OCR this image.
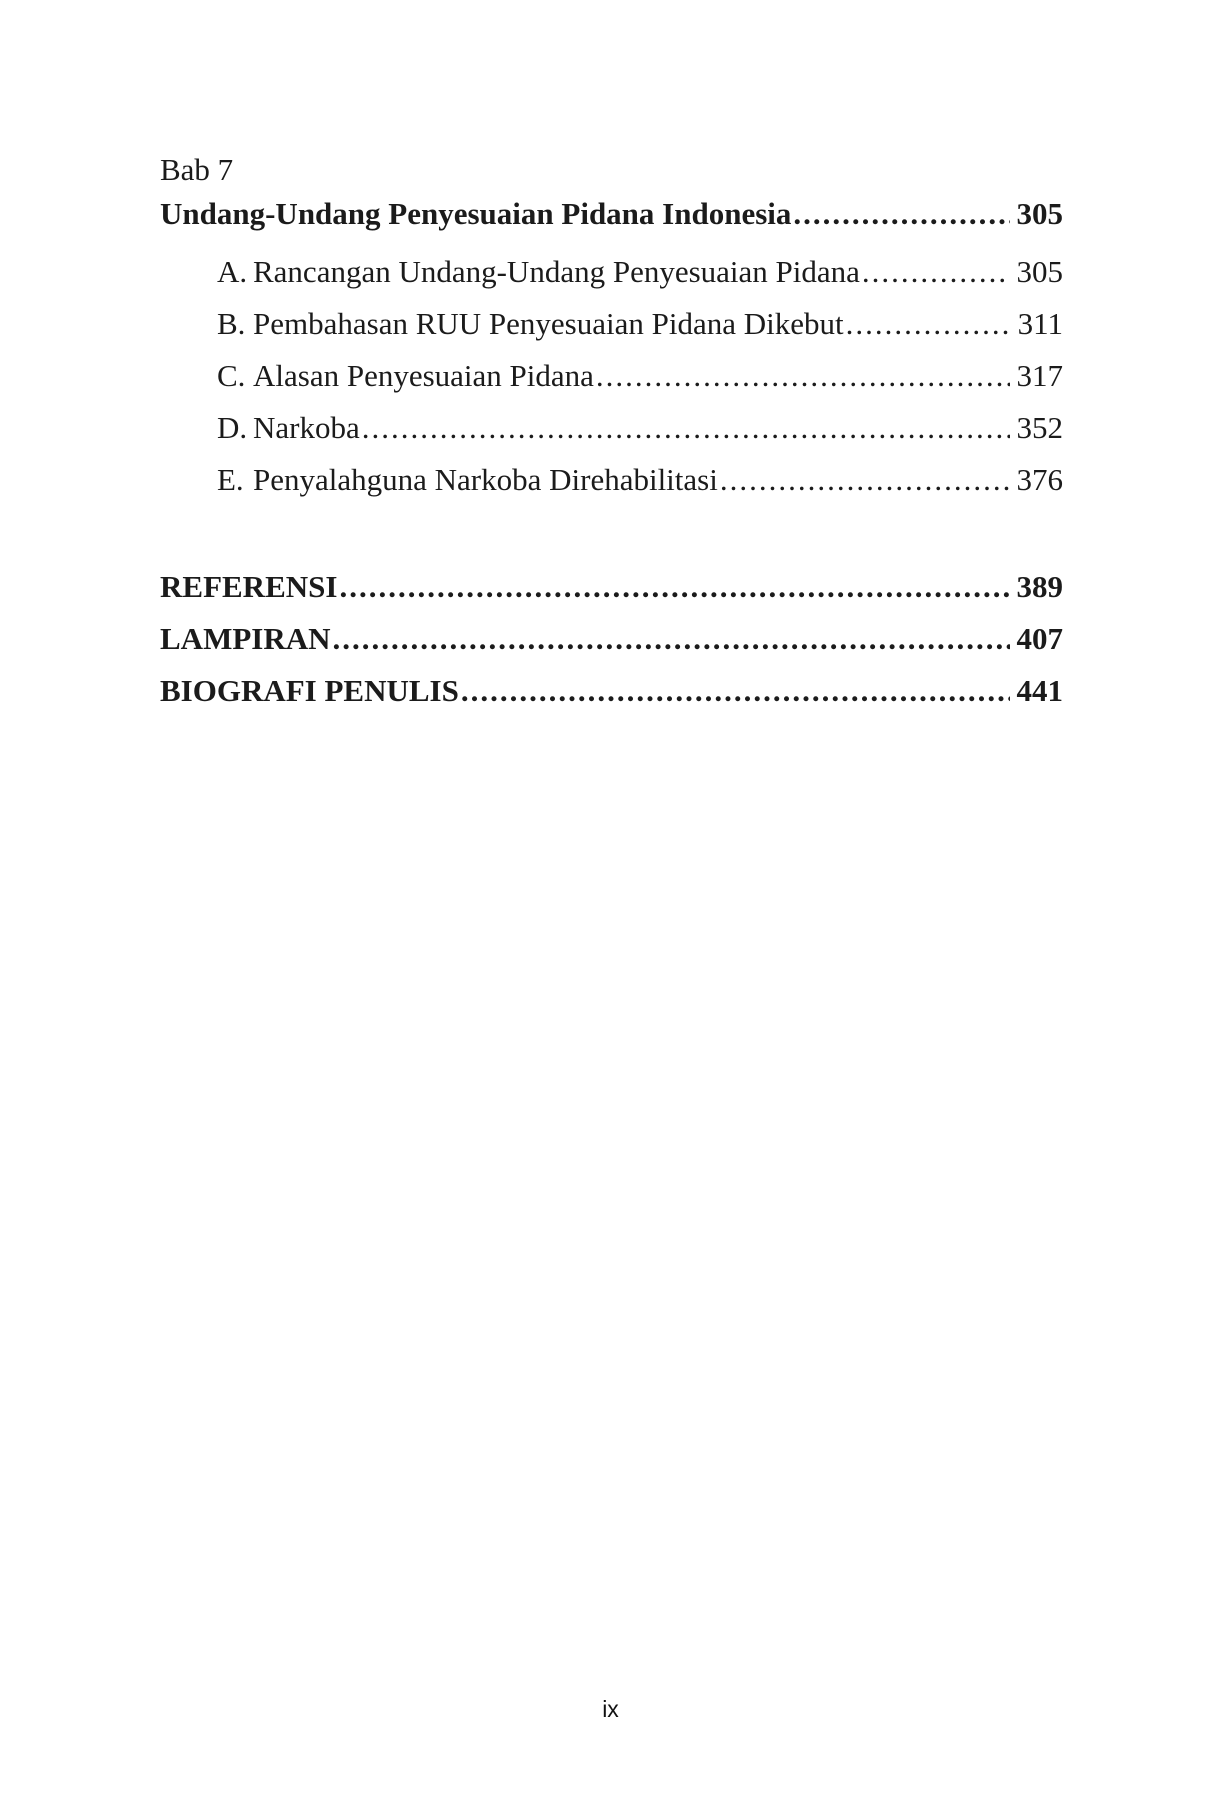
Bab 7
Undang-Undang Penyesuaian Pidana Indonesia .....	305
A. Rancangan Undang-Undang Penyesuaian Pidana .....	305
B. Pembahasan RUU Penyesuaian Pidana Dikebut .....	311
C. Alasan Penyesuaian Pidana .....	317
D. Narkoba .....	352
E. Penyalahguna Narkoba Direhabilitasi .....	376
REFERENSI .....	389
LAMPIRAN .....	407
BIOGRAFI PENULIS .....	441
ix
